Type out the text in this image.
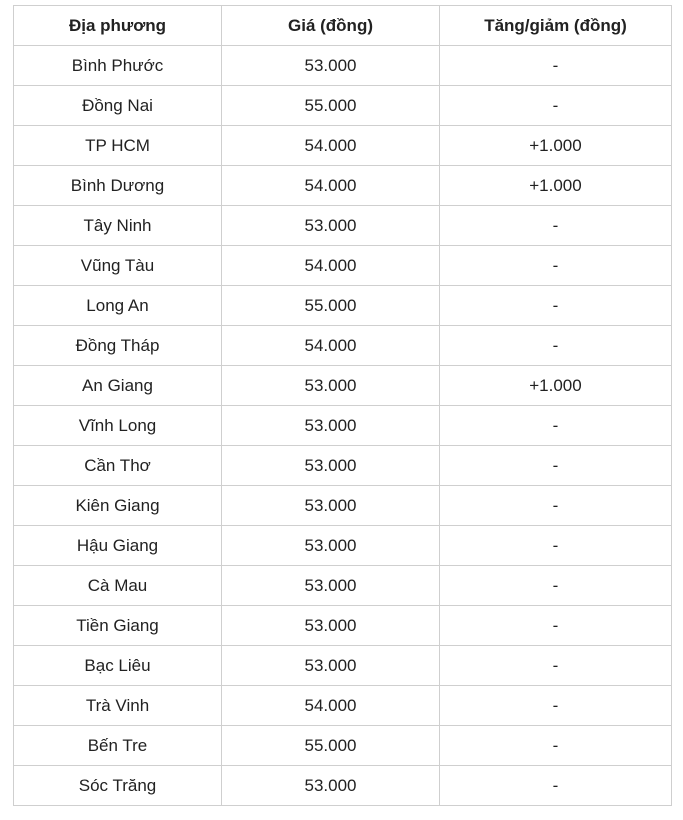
Địa phương	Giá (đồng)	Tăng/giảm (đồng)
Bình Phước	53.000	-
Đồng Nai	55.000	-
TP HCM	54.000	+1.000
Bình Dương	54.000	+1.000
Tây Ninh	53.000	-
Vũng Tàu	54.000	-
Long An	55.000	-
Đồng Tháp	54.000	-
An Giang	53.000	+1.000
Vĩnh Long	53.000	-
Cần Thơ	53.000	-
Kiên Giang	53.000	-
Hậu Giang	53.000	-
Cà Mau	53.000	-
Tiền Giang	53.000	-
Bạc Liêu	53.000	-
Trà Vinh	54.000	-
Bến Tre	55.000	-
Sóc Trăng	53.000	-
